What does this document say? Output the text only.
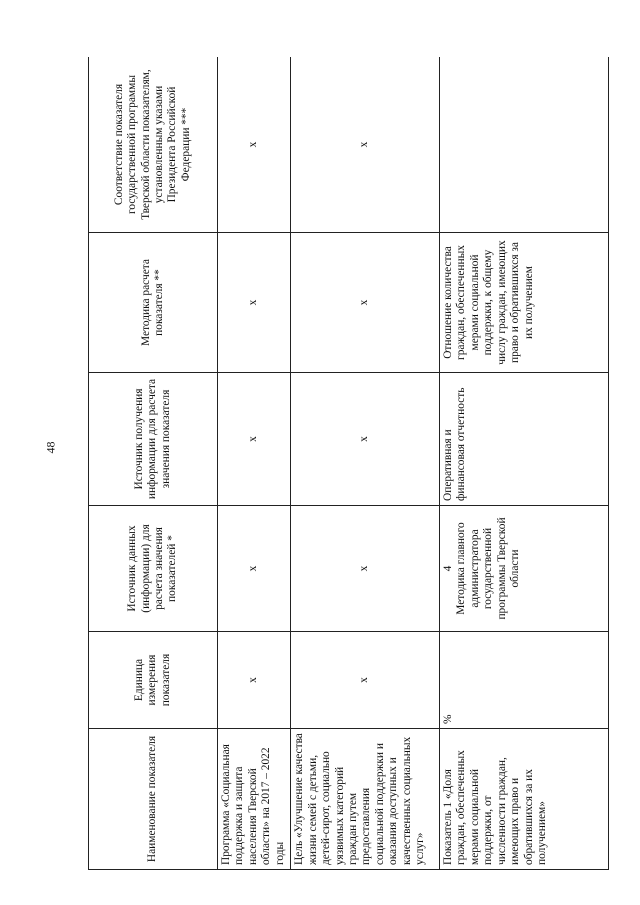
48
Наименование показателя	Единица измерения показателя	Источник данных (информации) для расчета значения показателей *	Источник получения информации для расчета значения показателя	Методика расчета показателя **	Соответствие показателя государственной программы Тверской области показателям, установленным указами Президента Российской Федерации ***
Программа «Социальная поддержка и защита населения Тверской области» на 2017 – 2022 годы	х	х	х	х	х
Цель «Улучшение качества жизни семей с детьми, детей-сирот, социально уязвимых категорий граждан путем предоставления социальной поддержки и оказания доступных и качественных социальных услуг»	х	х	х	х	х
Показатель 1 «Доля граждан, обеспеченных мерами социальной поддержки, от численности граждан, имеющих право и обратившихся за их получением»	%	4 Методика главного администратора государственной программы Тверской области	Оперативная и финансовая отчетность	Отношение количества граждан, обеспеченных мерами социальной поддержки, к общему числу граждан, имеющих право и обратившихся за их получением	
